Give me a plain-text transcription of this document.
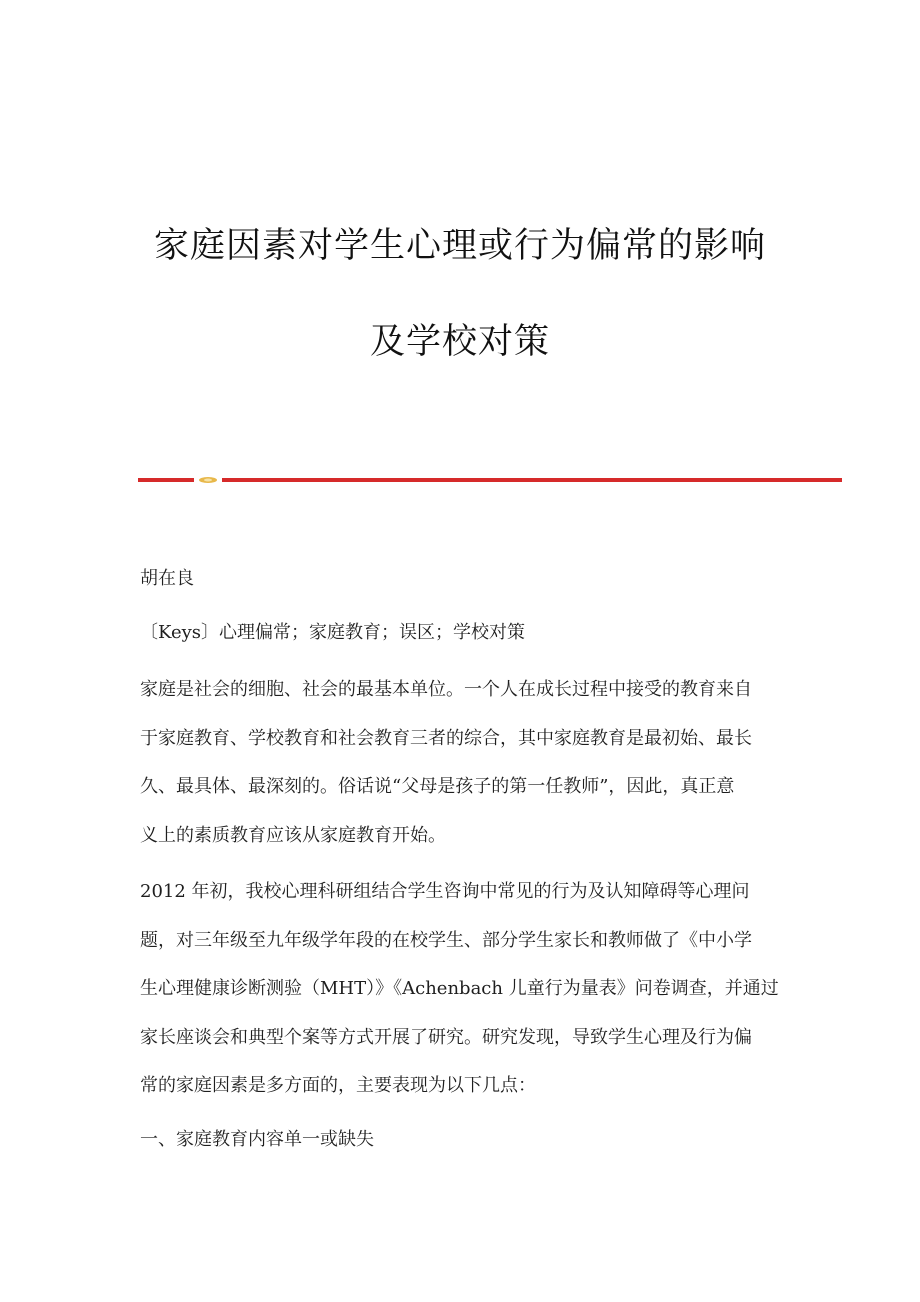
家庭因素对学生心理或行为偏常的影响
及学校对策
胡在良
〔Keys〕心理偏常；家庭教育；误区；学校对策
家庭是社会的细胞、社会的最基本单位。一个人在成长过程中接受的教育来自
于家庭教育、学校教育和社会教育三者的综合，其中家庭教育是最初始、最长
久、最具体、最深刻的。俗话说“父母是孩子的第一任教师”，因此，真正意
义上的素质教育应该从家庭教育开始。
2012 年初，我校心理科研组结合学生咨询中常见的行为及认知障碍等心理问
题，对三年级至九年级学年段的在校学生、部分学生家长和教师做了《中小学
生心理健康诊断测验（MHT）》《Achenbach 儿童行为量表》问卷调查，并通过
家长座谈会和典型个案等方式开展了研究。研究发现，导致学生心理及行为偏
常的家庭因素是多方面的，主要表现为以下几点：
一、家庭教育内容单一或缺失
